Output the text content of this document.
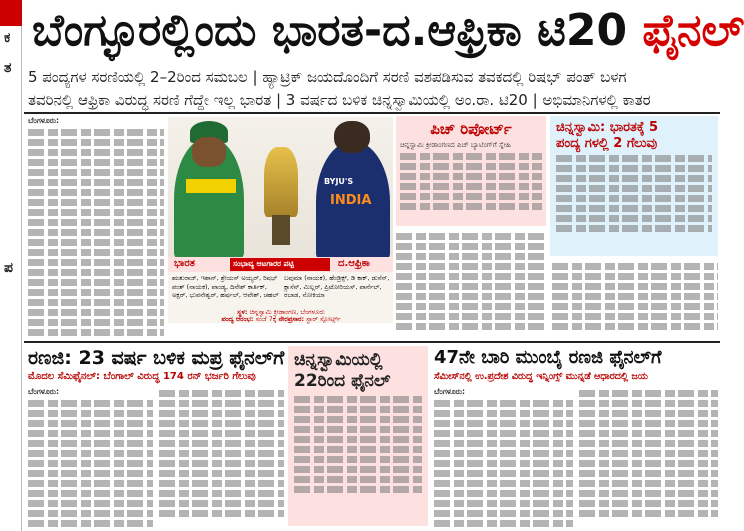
ಕ
ತ
ಪ
ಬೆಂಗ್ಳೂರಲ್ಲಿಂದು ಭಾರತ-ದ.ಆಫ್ರಿಕಾ ಟಿ20 ಫೈನಲ್
5 ಪಂದ್ಯಗಳ ಸರಣಿಯಲ್ಲಿ 2–2ರಿಂದ ಸಮಬಲ | ಹ್ಯಾಟ್ರಿಕ್ ಜಯದೊಂದಿಗೆ ಸರಣಿ ವಶಪಡಿಸುವ ತವಕದಲ್ಲಿ ರಿಷಭ್ ಪಂತ್ ಬಳಗ
ತವರಿನಲ್ಲಿ ಆಫ್ರಿಕಾ ವಿರುದ್ಧ ಸರಣಿ ಗೆದ್ದೇ ಇಲ್ಲ ಭಾರತ | 3 ವರ್ಷದ ಬಳಿಕ ಚಿನ್ನಸ್ವಾಮಿಯಲ್ಲಿ ಅಂ.ರಾ. ಟಿ20 | ಅಭಿಮಾನಿಗಳಲ್ಲಿ ಕಾತರ
ಬೆಂಗಳೂರು:
BYJU'S
INDIA
ಭಾರತ	ಸಂಭಾವ್ಯ ಆಟಗಾರರ ಪಟ್ಟಿ	ದ.ಆಫ್ರಿಕಾ
ಋತುರಾಜ್, ಇಶಾನ್, ಶ್ರೇಯಸ್ ಅಯ್ಯರ್, ರಿಷಭ್ ಪಂತ್ (ನಾಯಕ), ಪಾಂಡ್ಯ, ದಿನೇಶ್ ಕಾರ್ತಿಕ್, ಅಕ್ಷರ್, ಭುವನೇಶ್ವರ್, ಹರ್ಷಲ್, ಆವೇಶ್, ಚಹಲ್
ಬವುಮಾ (ನಾಯಕ), ಹೆಂಡ್ರಿಕ್ಸ್, ಡಿ ಕಾಕ್, ಡುಸೆನ್, ಕ್ಲಾಸೆನ್, ಮಿಲ್ಲರ್, ಪ್ರಿಟೋರಿಯಸ್, ಪಾರ್ನೆಲ್, ರಬಾಡ, ನೋಕಿಯಾ
ಸ್ಥಳ: ಚಿನ್ನಸ್ವಾಮಿ ಕ್ರೀಡಾಂಗಣ, ಬೆಂಗಳೂರು
ಪಂದ್ಯ ಆರಂಭ: ಸಂಜೆ 7ಕ್ಕೆ ನೇರಪ್ರಸಾರ: ಸ್ಟಾರ್ ಸ್ಪೋರ್ಟ್ಸ್
ಪಿಚ್ ರಿಪೋರ್ಟ್
ಚಿನ್ನಸ್ವಾಮಿ ಕ್ರೀಡಾಂಗಣದ ಪಿಚ್ ಬ್ಯಾಟಿಂಗ್‌ಗೆ ಸ್ನೇಹಿ
ಚಿನ್ನಸ್ವಾಮಿ: ಭಾರತಕ್ಕೆ 5
ಪಂದ್ಯ ಗಳಲ್ಲಿ 2 ಗೆಲುವು
ರಣಜಿ: 23 ವರ್ಷ ಬಳಿಕ ಮಪ್ರ ಫೈನಲ್‌ಗೆ
ಮೊದಲ ಸೆಮಿಫೈನಲ್: ಬೆಂಗಾಲ್ ವಿರುದ್ಧ 174 ರನ್ ಭರ್ಜರಿ ಗೆಲುವು
ಬೆಂಗಳೂರು:
ಚಿನ್ನಸ್ವಾಮಿಯಲ್ಲಿ
22ರಿಂದ ಫೈನಲ್
47ನೇ ಬಾರಿ ಮುಂಬೈ ರಣಜಿ ಫೈನಲ್‌ಗೆ
ಸೆಮೀಸ್‌ನಲ್ಲಿ ಉ.ಪ್ರದೇಶ ವಿರುದ್ಧ ಇನ್ನಿಂಗ್ಸ್ ಮುನ್ನಡೆ ಆಧಾರದಲ್ಲಿ ಜಯ
ಬೆಂಗಳೂರು:
